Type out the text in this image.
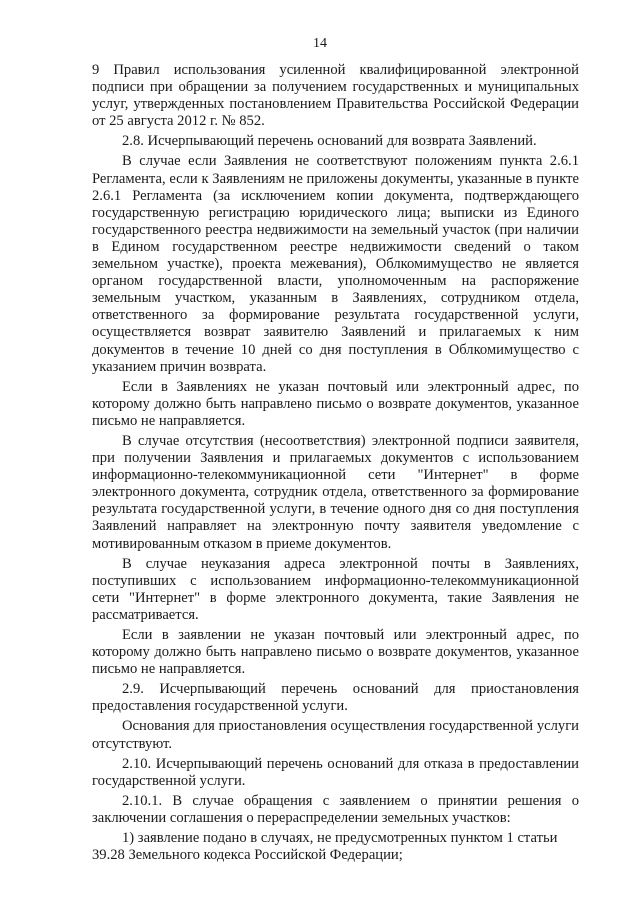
14

9 Правил использования усиленной квалифицированной электронной подписи при обращении за получением государственных и муниципальных услуг, утвержденных постановлением Правительства Российской Федерации от 25 августа 2012 г. № 852.

2.8. Исчерпывающий перечень оснований для возврата Заявлений.

В случае если Заявления не соответствуют положениям пункта 2.6.1 Регламента, если к Заявлениям не приложены документы, указанные в пункте 2.6.1 Регламента (за исключением копии документа, подтверждающего государственную регистрацию юридического лица; выписки из Единого государственного реестра недвижимости на земельный участок (при наличии в Едином государственном реестре недвижимости сведений о таком земельном участке), проекта межевания), Облкомимущество не является органом государственной власти, уполномоченным на распоряжение земельным участком, указанным в Заявлениях, сотрудником отдела, ответственного за формирование результата государственной услуги, осуществляется возврат заявителю Заявлений и прилагаемых к ним документов в течение 10 дней со дня поступления в Облкомимущество с указанием причин возврата.

Если в Заявлениях не указан почтовый или электронный адрес, по которому должно быть направлено письмо о возврате документов, указанное письмо не направляется.

В случае отсутствия (несоответствия) электронной подписи заявителя, при получении Заявления и прилагаемых документов с использованием информационно-телекоммуникационной сети "Интернет" в форме электронного документа, сотрудник отдела, ответственного за формирование результата государственной услуги, в течение одного дня со дня поступления Заявлений направляет на электронную почту заявителя уведомление с мотивированным отказом в приеме документов.

В случае неуказания адреса электронной почты в Заявлениях, поступивших с использованием информационно-телекоммуникационной сети "Интернет" в форме электронного документа, такие Заявления не рассматривается.

Если в заявлении не указан почтовый или электронный адрес, по которому должно быть направлено письмо о возврате документов, указанное письмо не направляется.

2.9. Исчерпывающий перечень оснований для приостановления предоставления государственной услуги.

Основания для приостановления осуществления государственной услуги отсутствуют.

2.10. Исчерпывающий перечень оснований для отказа в предоставлении государственной услуги.

2.10.1. В случае обращения с заявлением о принятии решения о заключении соглашения о перераспределении земельных участков:

1) заявление подано в случаях, не предусмотренных пунктом 1 статьи 39.28 Земельного кодекса Российской Федерации;
